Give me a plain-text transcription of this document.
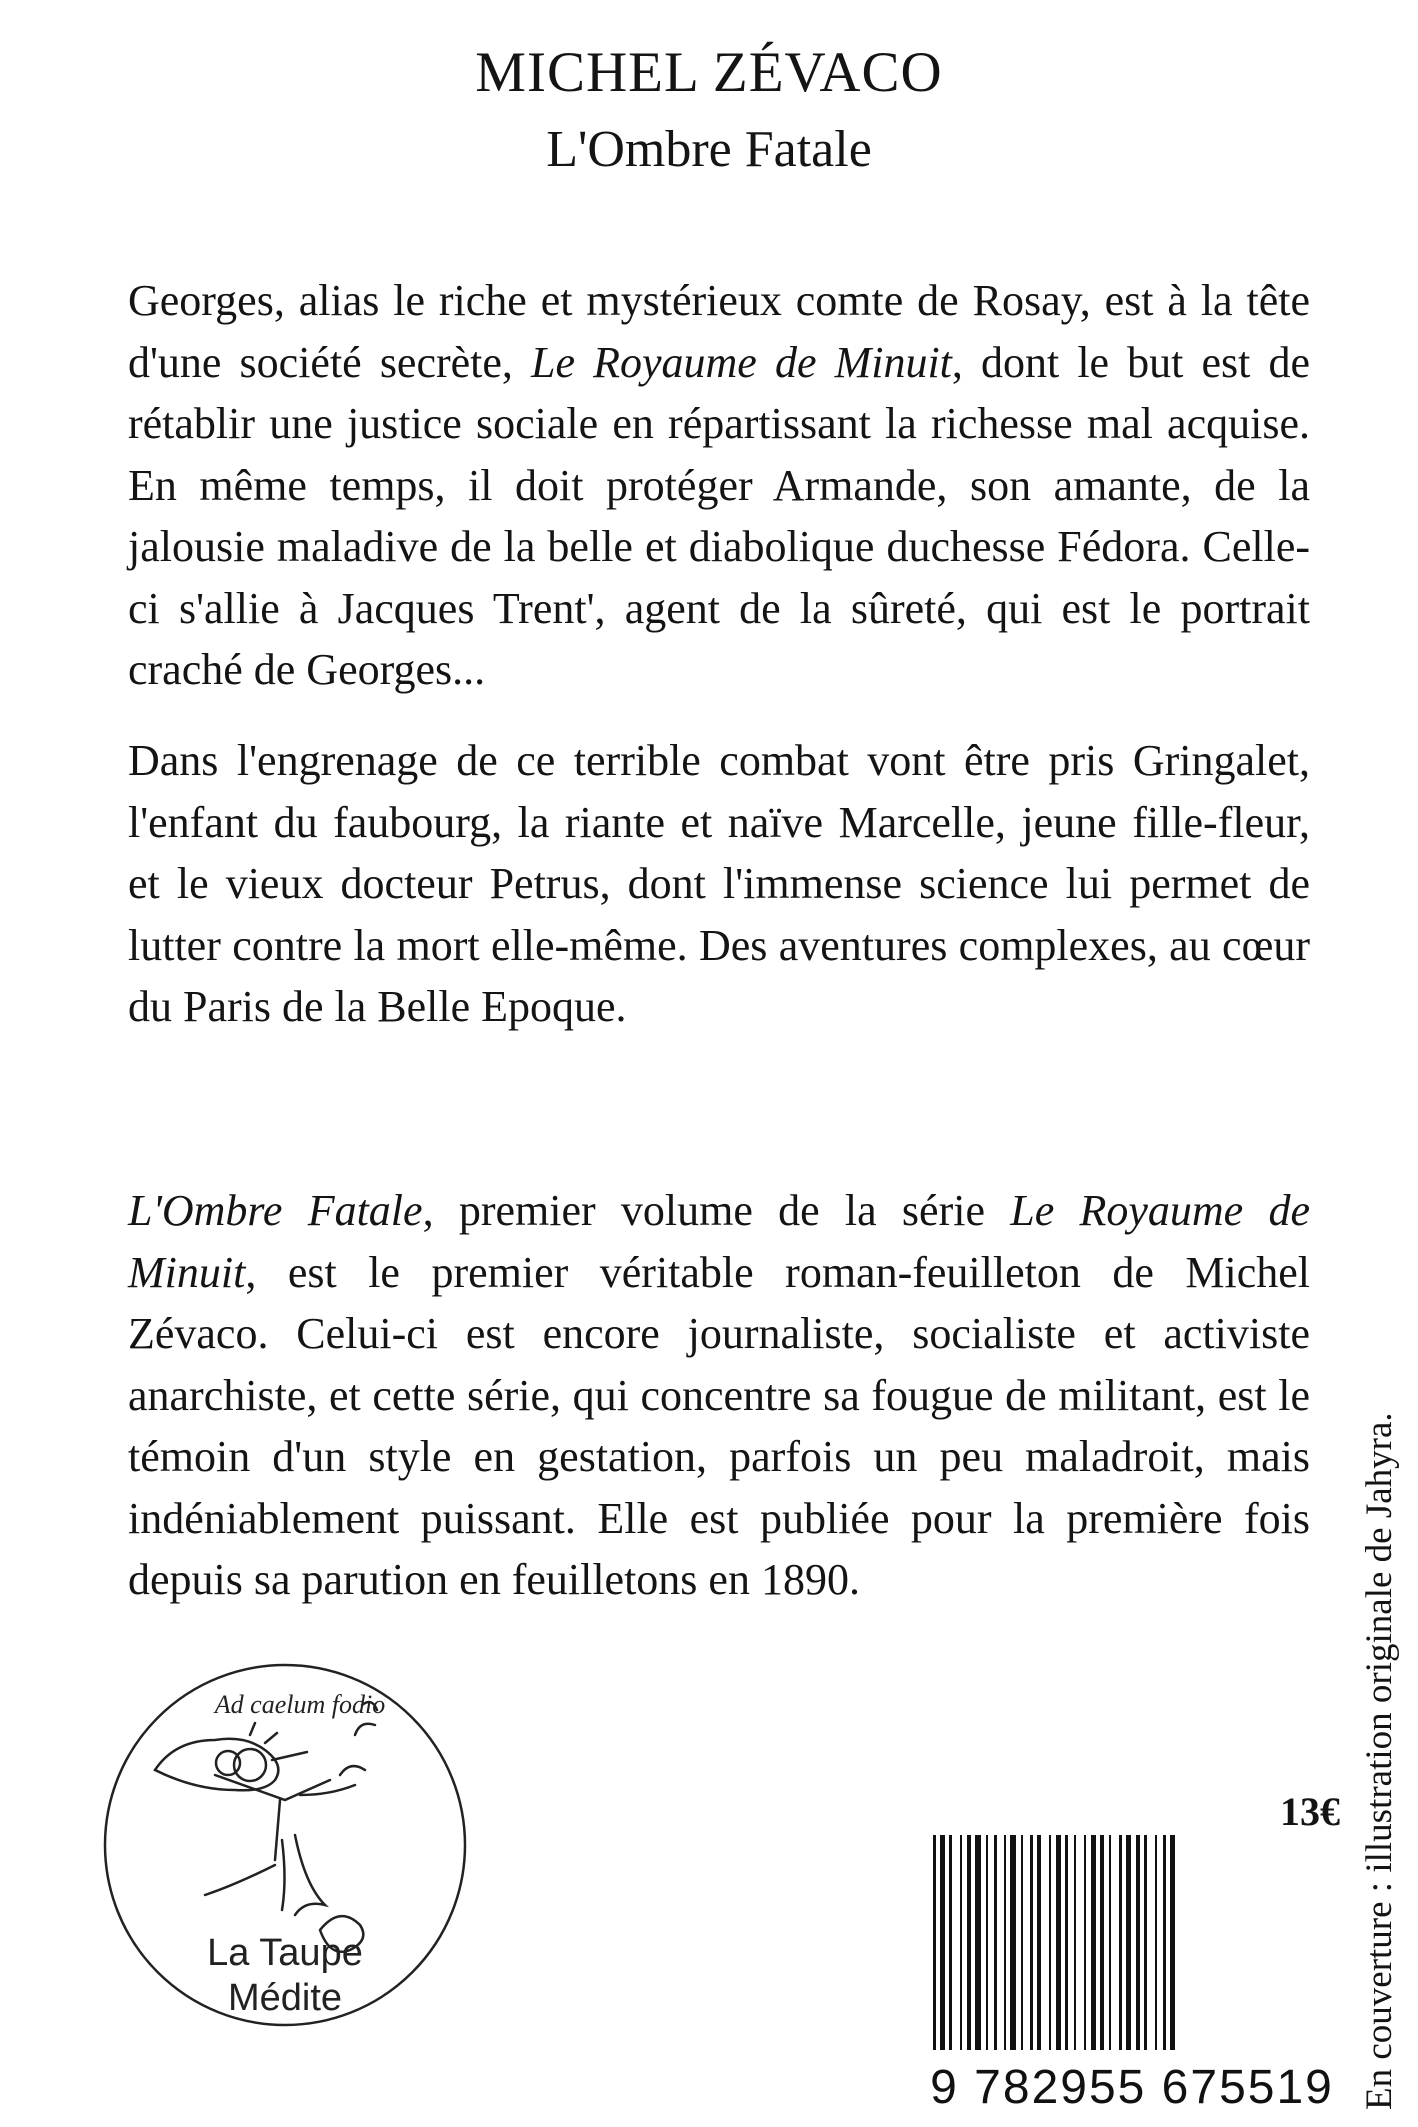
MICHEL ZÉVACO
L'Ombre Fatale

Georges, alias le riche et mystérieux comte de Rosay, est à la tête d'une société secrète, Le Royaume de Minuit, dont le but est de rétablir une justice sociale en répartissant la richesse mal acquise. En même temps, il doit protéger Armande, son amante, de la jalousie maladive de la belle et diabolique duchesse Fédora. Celle-ci s'allie à Jacques Trent', agent de la sûreté, qui est le portrait craché de Georges...

Dans l'engrenage de ce terrible combat vont être pris Gringalet, l'enfant du faubourg, la riante et naïve Marcelle, jeune fille-fleur, et le vieux docteur Petrus, dont l'immense science lui permet de lutter contre la mort elle-même. Des aventures complexes, au cœur du Paris de la Belle Epoque.

L'Ombre Fatale, premier volume de la série Le Royaume de Minuit, est le premier véritable roman-feuilleton de Michel Zévaco. Celui-ci est encore journaliste, socialiste et activiste anarchiste, et cette série, qui concentre sa fougue de militant, est le témoin d'un style en gestation, parfois un peu maladroit, mais indéniablement puissant. Elle est publiée pour la première fois depuis sa parution en feuilletons en 1890.

Ad caelum fodio
La Taupe
Médite
13€
9 782955 675519 En couverture : illustration originale de Jahyra.
